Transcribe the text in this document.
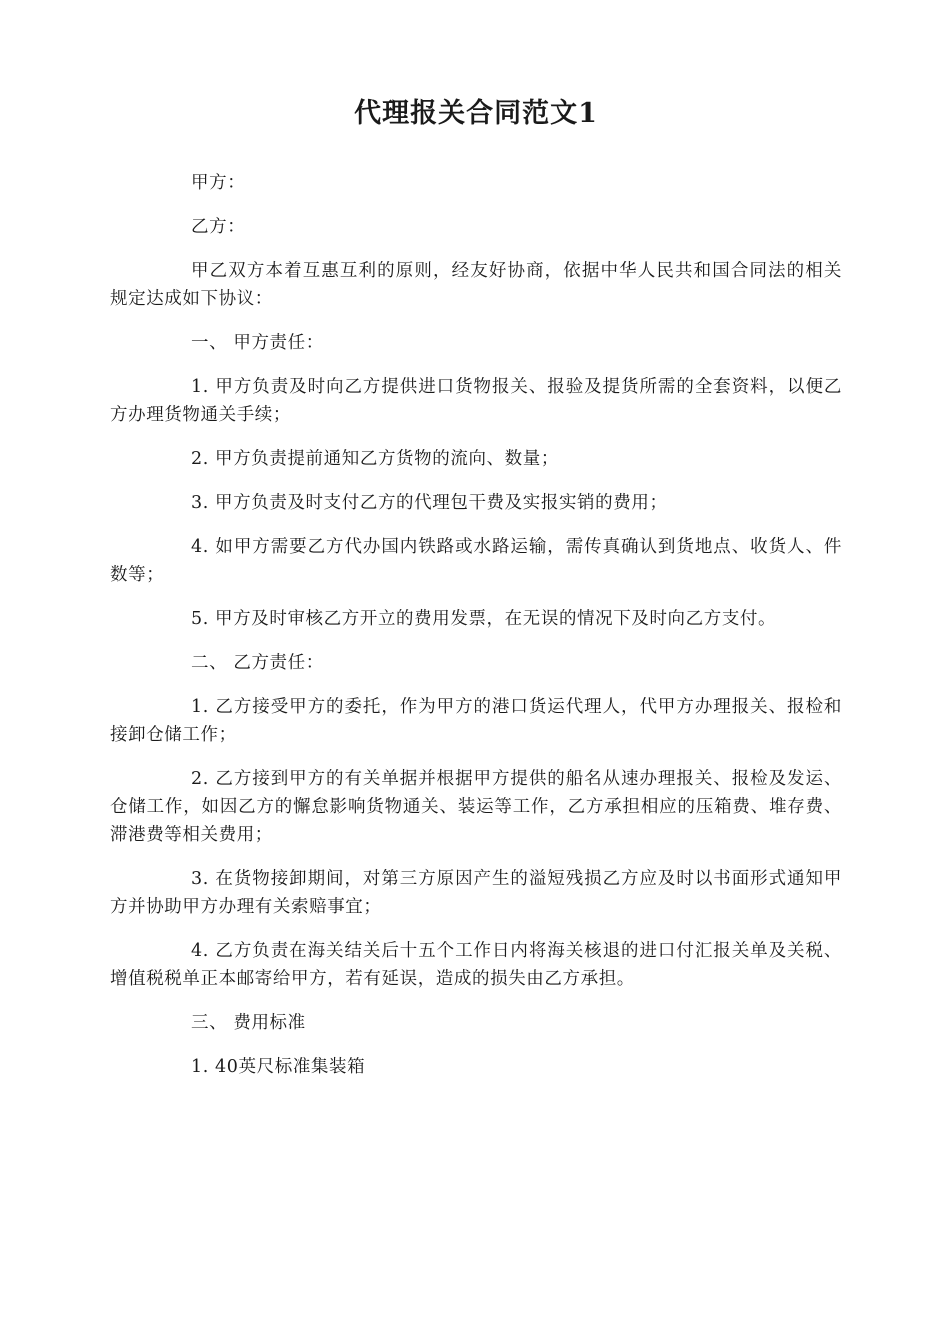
代理报关合同范文1

甲方：

乙方：

甲乙双方本着互惠互利的原则，经友好协商，依据中华人民共和国合同法的相关规定达成如下协议：

一、 甲方责任：

1. 甲方负责及时向乙方提供进口货物报关、报验及提货所需的全套资料，以便乙方办理货物通关手续；

2. 甲方负责提前通知乙方货物的流向、数量；

3. 甲方负责及时支付乙方的代理包干费及实报实销的费用；

4. 如甲方需要乙方代办国内铁路或水路运输，需传真确认到货地点、收货人、件数等；

5. 甲方及时审核乙方开立的费用发票，在无误的情况下及时向乙方支付。

二、 乙方责任：

1. 乙方接受甲方的委托，作为甲方的港口货运代理人，代甲方办理报关、报检和接卸仓储工作；

2. 乙方接到甲方的有关单据并根据甲方提供的船名从速办理报关、报检及发运、仓储工作，如因乙方的懈怠影响货物通关、装运等工作，乙方承担相应的压箱费、堆存费、滞港费等相关费用；

3. 在货物接卸期间，对第三方原因产生的溢短残损乙方应及时以书面形式通知甲方并协助甲方办理有关索赔事宜；

4. 乙方负责在海关结关后十五个工作日内将海关核退的进口付汇报关单及关税、增值税税单正本邮寄给甲方，若有延误，造成的损失由乙方承担。

三、 费用标准

1. 40英尺标准集装箱
